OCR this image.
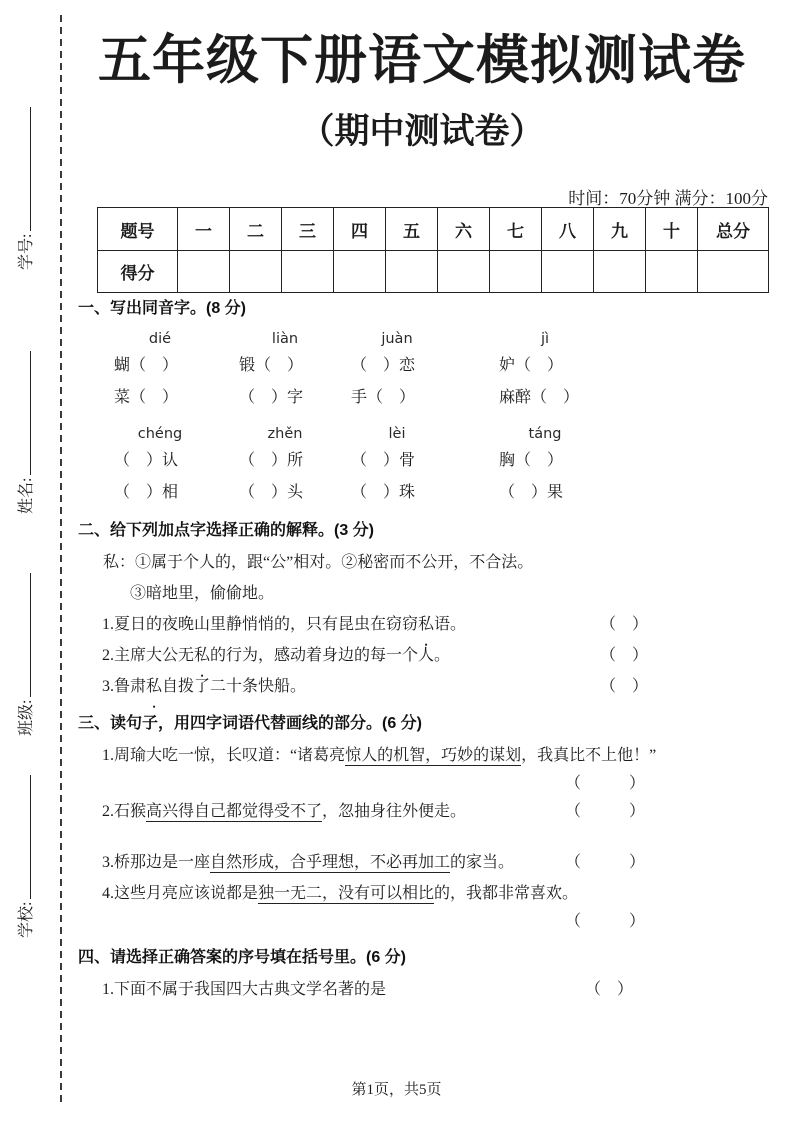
学号:
姓名:
班级:
学校:
五年级下册语文模拟测试卷
（期中测试卷）
时间：70分钟 满分：100分
题号	一	二	三	四	五	六	七	八	九	十	总分
得分											
一、写出同音字。(8 分)
dié
蝴（　）
菜（　）
liàn
锻（　）
（　）字
juàn
（　）恋
手（　）
jì
妒（　）
麻醉（　）
chéng
（　）认
（　）相
zhěn
（　）所
（　）头
lèi
（　）骨
（　）珠
táng
胸（　）
（　）果
二、给下列加点字选择正确的解释。(3 分)
私：①属于个人的，跟“公”相对。②秘密而不公开，不合法。
③暗地里，偷偷地。
1.夏日的夜晚山里静悄悄的，只有昆虫在窃窃私语。	（　）
2.主席大公无私的行为，感动着身边的每一个人。	（　）
3.鲁肃私自拨了二十条快船。	（　）
三、读句子，用四字词语代替画线的部分。(6 分)
1.周瑜大吃一惊，长叹道：“诸葛亮惊人的机智，巧妙的谋划，我真比不上他！”
（　　　）
2.石猴高兴得自己都觉得受不了，忽抽身往外便走。	（　　　）
3.桥那边是一座自然形成，合乎理想，不必再加工的家当。	（　　　）
4.这些月亮应该说都是独一无二，没有可以相比的，我都非常喜欢。
（　　　）
四、请选择正确答案的序号填在括号里。(6 分)
1.下面不属于我国四大古典文学名著的是	（　）
第1页，共5页
